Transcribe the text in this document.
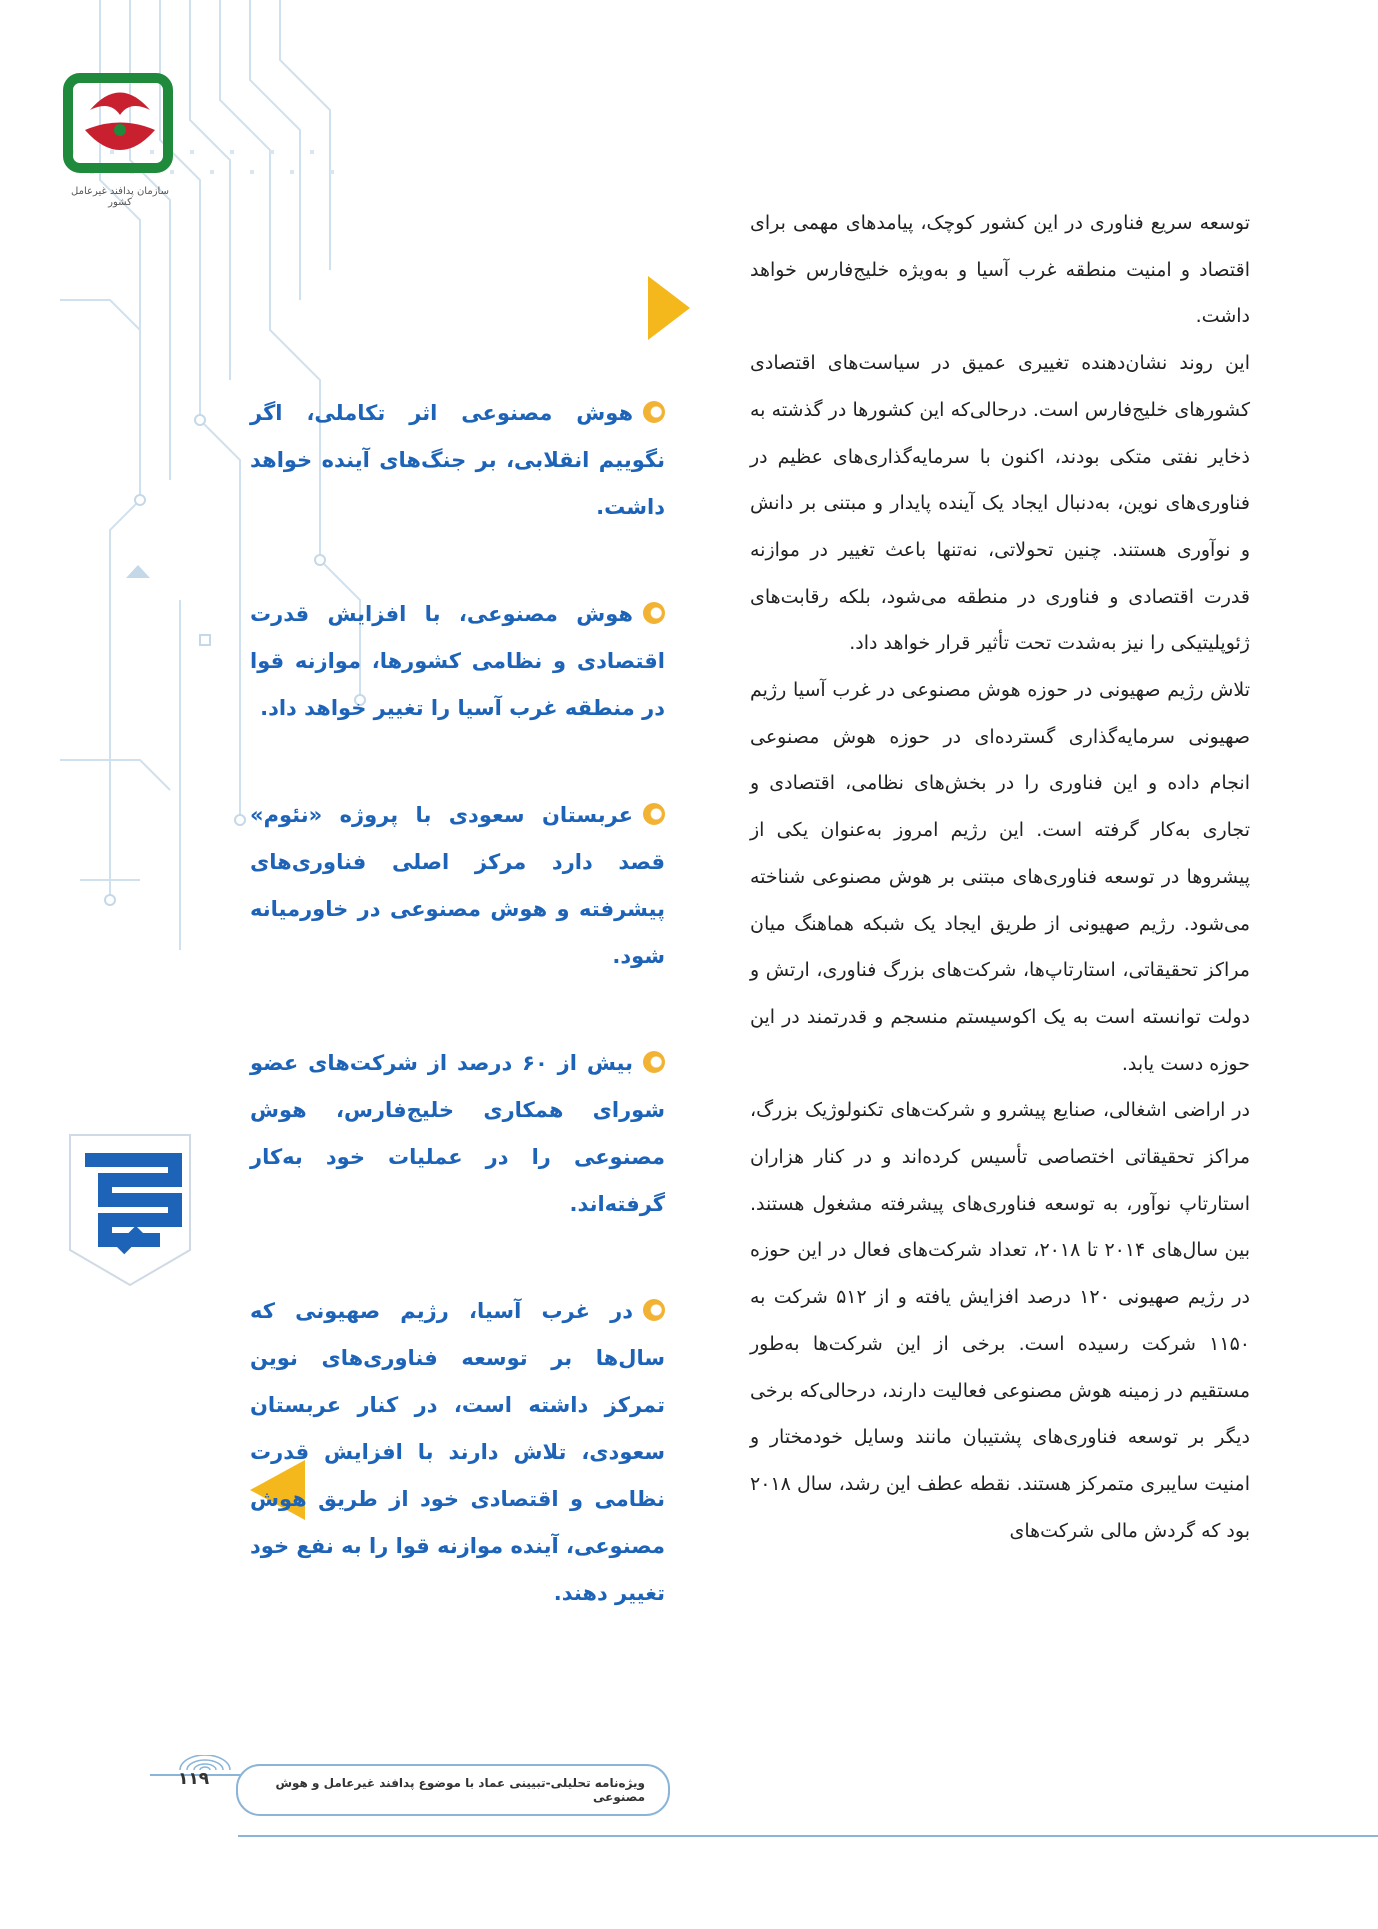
سازمان پدافند غیرعامل کشور

توسعه سریع فناوری در این کشور کوچک، پیامدهای مهمی برای اقتصاد و امنیت منطقه غرب آسیا و به‌ویژه خلیج‌فارس خواهد داشت.

این روند نشان‌دهنده تغییری عمیق در سیاست‌های اقتصادی کشورهای خلیج‌فارس است. درحالی‌که این کشورها در گذشته به ذخایر نفتی متکی بودند، اکنون با سرمایه‌گذاری‌های عظیم در فناوری‌های نوین، به‌دنبال ایجاد یک آینده پایدار و مبتنی بر دانش و نوآوری هستند. چنین تحولاتی، نه‌تنها باعث تغییر در موازنه قدرت اقتصادی و فناوری در منطقه می‌شود، بلکه رقابت‌های ژئوپلیتیکی را نیز به‌شدت تحت تأثیر قرار خواهد داد.

تلاش رژیم صهیونی در حوزه هوش مصنوعی در غرب آسیا رژیم صهیونی سرمایه‌گذاری گسترده‌ای در حوزه هوش مصنوعی انجام داده و این فناوری را در بخش‌های نظامی، اقتصادی و تجاری به‌کار گرفته است. این رژیم امروز به‌عنوان یکی از پیشروها در توسعه فناوری‌های مبتنی بر هوش مصنوعی شناخته می‌شود. رژیم صهیونی از طریق ایجاد یک شبکه هماهنگ میان مراکز تحقیقاتی، استارتاپ‌ها، شرکت‌های بزرگ فناوری، ارتش و دولت توانسته است به یک اکوسیستم منسجم و قدرتمند در این حوزه دست یابد.

در اراضی اشغالی، صنایع پیشرو و شرکت‌های تکنولوژیک بزرگ، مراکز تحقیقاتی اختصاصی تأسیس کرده‌اند و در کنار هزاران استارتاپ نوآور، به توسعه فناوری‌های پیشرفته مشغول هستند. بین سال‌های ۲۰۱۴ تا ۲۰۱۸، تعداد شرکت‌های فعال در این حوزه در رژیم صهیونی ۱۲۰ درصد افزایش یافته و از ۵۱۲ شرکت به ۱۱۵۰ شرکت رسیده است. برخی از این شرکت‌ها به‌طور مستقیم در زمینه هوش مصنوعی فعالیت دارند، درحالی‌که برخی دیگر بر توسعه فناوری‌های پشتیبان مانند وسایل خودمختار و امنیت سایبری متمرکز هستند. نقطه عطف این رشد، سال ۲۰۱۸ بود که گردش مالی شرکت‌های

هوش مصنوعی اثر تکاملی، اگر نگوییم انقلابی، بر جنگ‌های آینده خواهد داشت.
هوش مصنوعی، با افزایش قدرت اقتصادی و نظامی کشورها، موازنه قوا در منطقه غرب آسیا را تغییر خواهد داد.
عربستان سعودی با پروژه «نئوم» قصد دارد مرکز اصلی فناوری‌های پیشرفته و هوش مصنوعی در خاورمیانه شود.
بیش از ۶۰ درصد از شرکت‌های عضو شورای همکاری خلیج‌فارس، هوش مصنوعی را در عملیات خود به‌کار گرفته‌اند.
در غرب آسیا، رژیم صهیونی که سال‌ها بر توسعه فناوری‌های نوین تمرکز داشته است، در کنار عربستان سعودی، تلاش دارند با افزایش قدرت نظامی و اقتصادی خود از طریق هوش مصنوعی، آینده موازنه قوا را به نفع خود تغییر دهند.
ویژه‌نامه تحلیلی-تبیینی عماد با موضوع پدافند غیرعامل و هوش مصنوعی
۱۱۹
